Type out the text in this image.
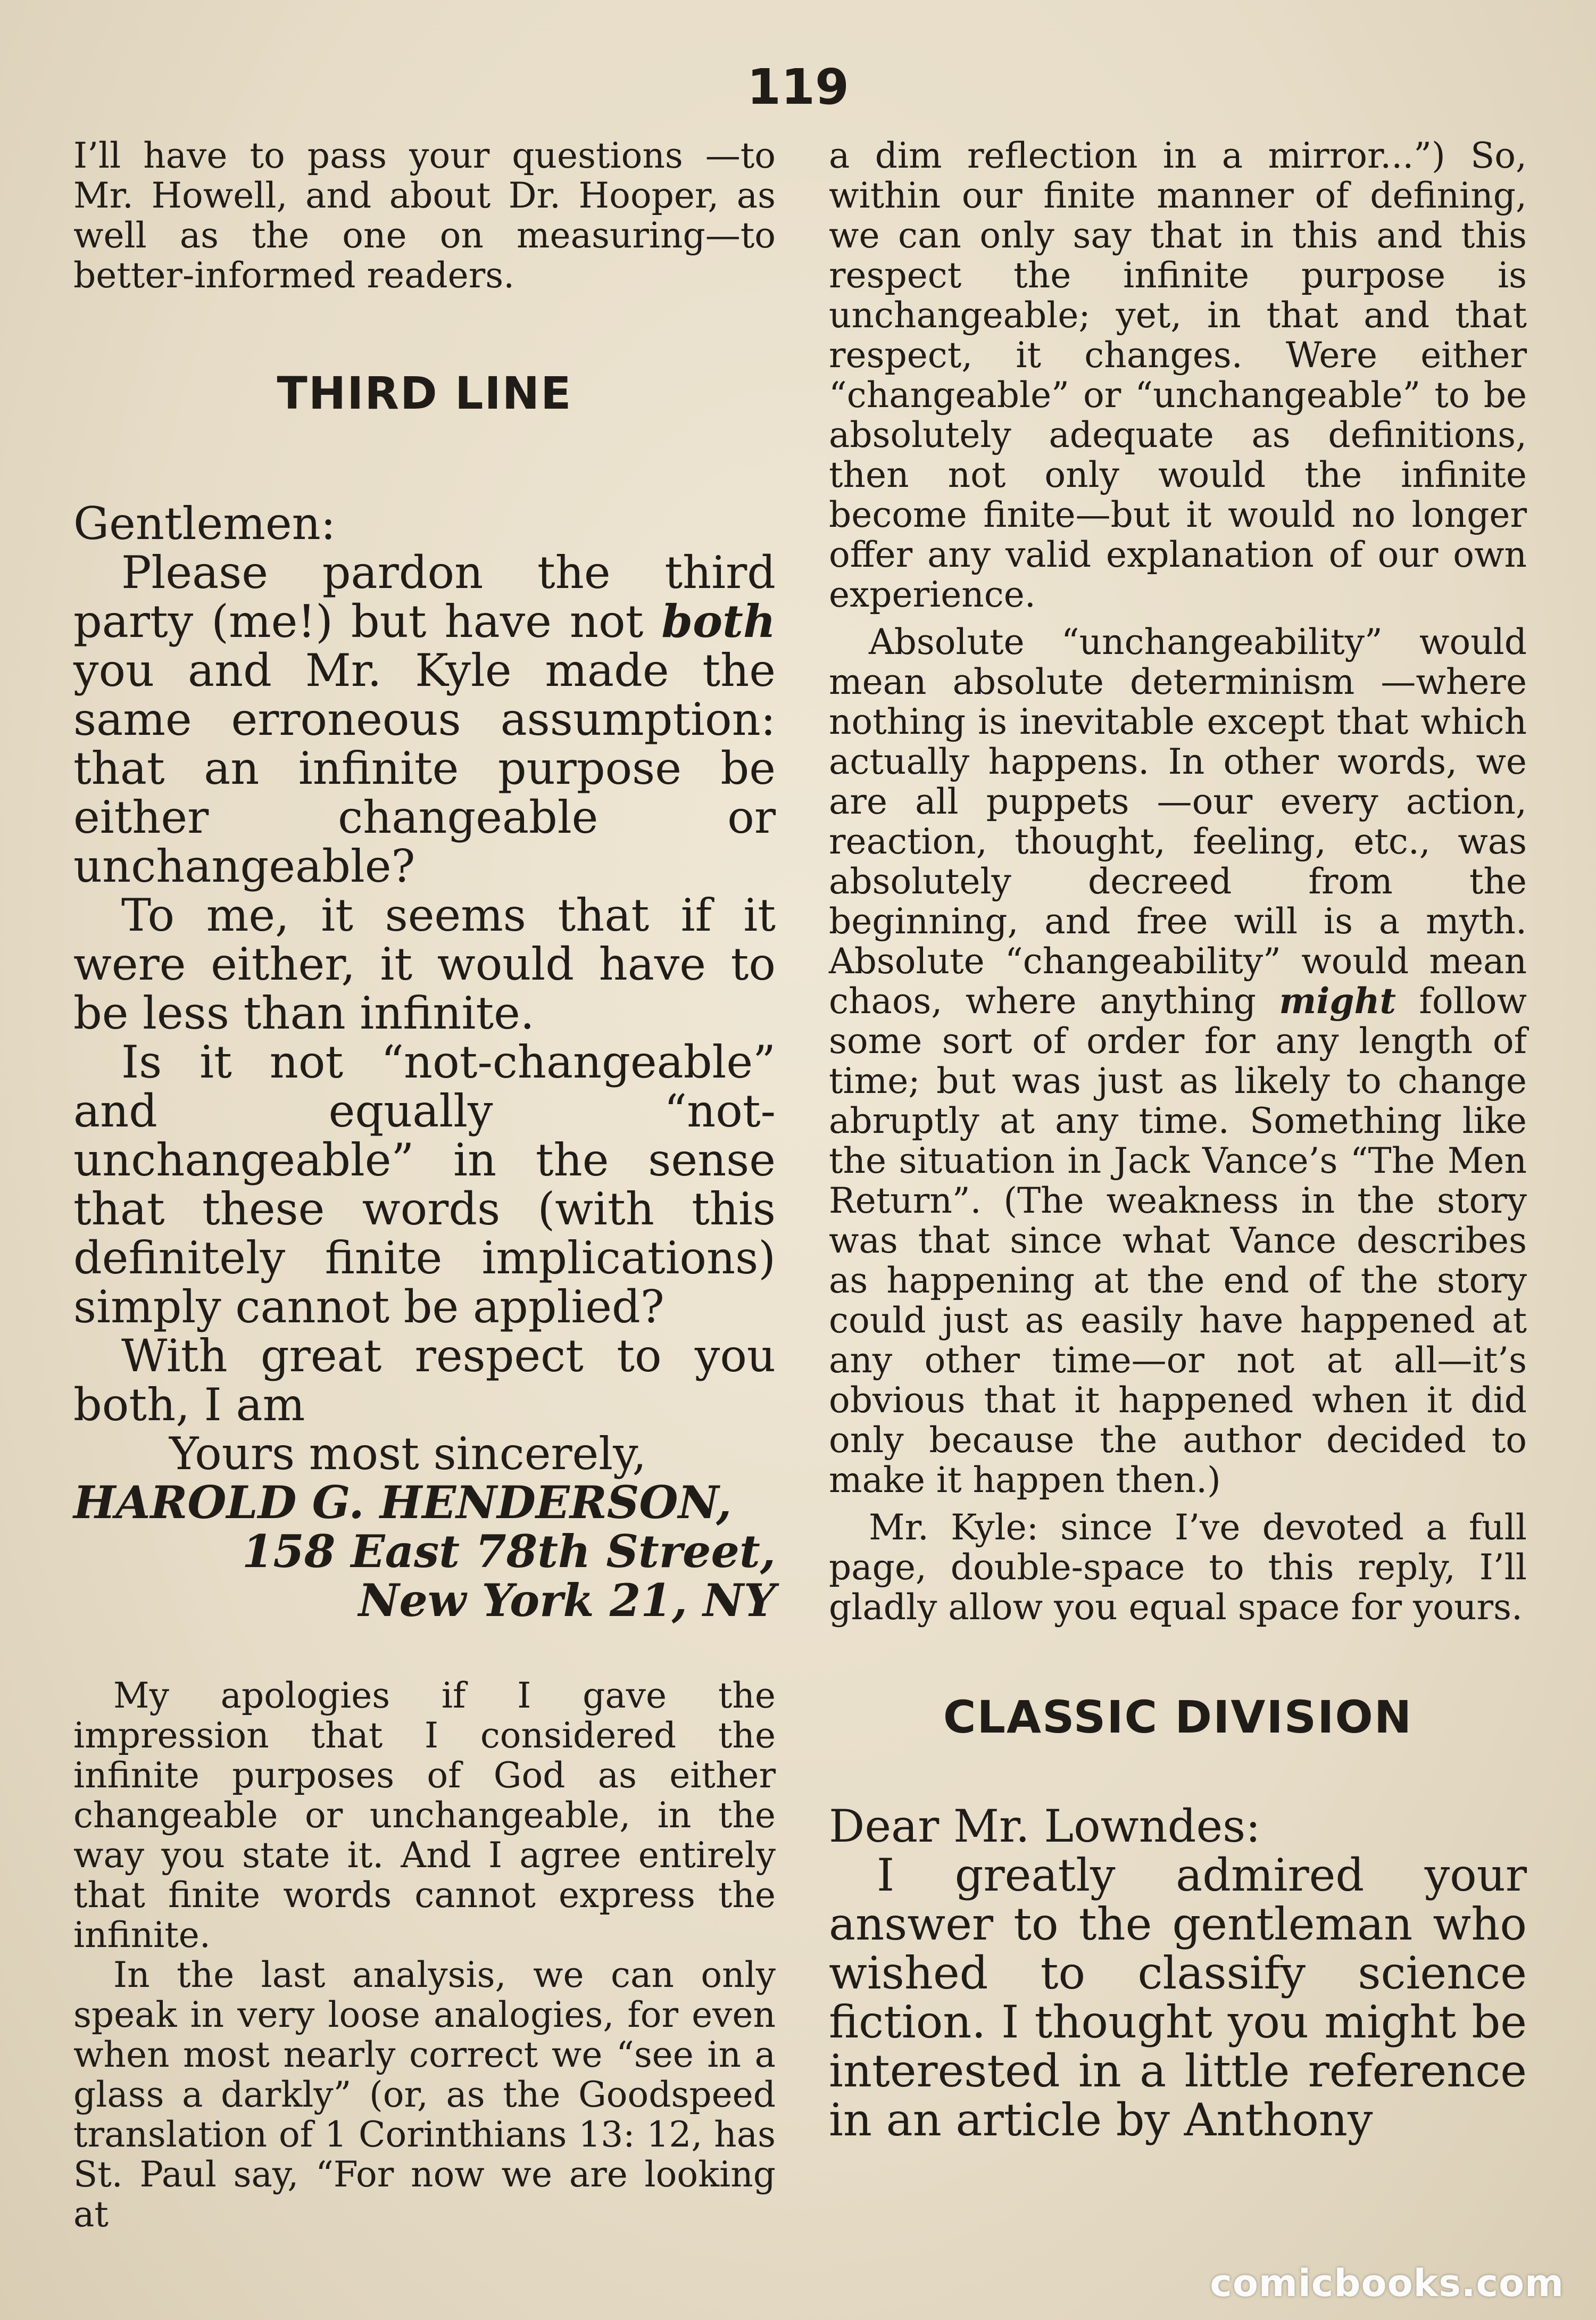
119

I’ll have to pass your questions —to Mr. Howell, and about Dr. Hooper, as well as the one on measuring—to better-informed readers.

THIRD LINE

Gentlemen:

Please pardon the third party (me!) but have not both you and Mr. Kyle made the same erroneous assumption: that an infinite purpose be either changeable or unchangeable?

To me, it seems that if it were either, it would have to be less than infinite.

Is it not “not-changeable” and equally “not-unchangeable” in the sense that these words (with this definitely finite implications) simply cannot be applied?

With great respect to you both, I am

Yours most sincerely,

HAROLD G. HENDERSON,

158 East 78th Street,

New York 21, NY

My apologies if I gave the impression that I considered the infinite purposes of God as either changeable or unchangeable, in the way you state it. And I agree entirely that finite words cannot express the infinite.

In the last analysis, we can only speak in very loose analogies, for even when most nearly correct we “see in a glass a darkly” (or, as the Goodspeed translation of 1 Corinthians 13: 12, has St. Paul say, “For now we are looking at

a dim reflection in a mirror...”) So, within our finite manner of defining, we can only say that in this and this respect the infinite purpose is unchangeable; yet, in that and that respect, it changes. Were either “changeable” or “unchangeable” to be absolutely adequate as definitions, then not only would the infinite become finite—but it would no longer offer any valid explanation of our own experience.

Absolute “unchangeability” would mean absolute determinism —where nothing is inevitable except that which actually happens. In other words, we are all puppets —our every action, reaction, thought, feeling, etc., was absolutely decreed from the beginning, and free will is a myth. Absolute “changeability” would mean chaos, where anything might follow some sort of order for any length of time; but was just as likely to change abruptly at any time. Something like the situation in Jack Vance’s “The Men Return”. (The weakness in the story was that since what Vance describes as happening at the end of the story could just as easily have happened at any other time—or not at all—it’s obvious that it happened when it did only because the author decided to make it happen then.)

Mr. Kyle: since I’ve devoted a full page, double-space to this reply, I’ll gladly allow you equal space for yours.

CLASSIC DIVISION

Dear Mr. Lowndes:

I greatly admired your answer to the gentleman who wished to classify science fiction. I thought you might be interested in a little reference in an article by Anthony

comicbooks.com
